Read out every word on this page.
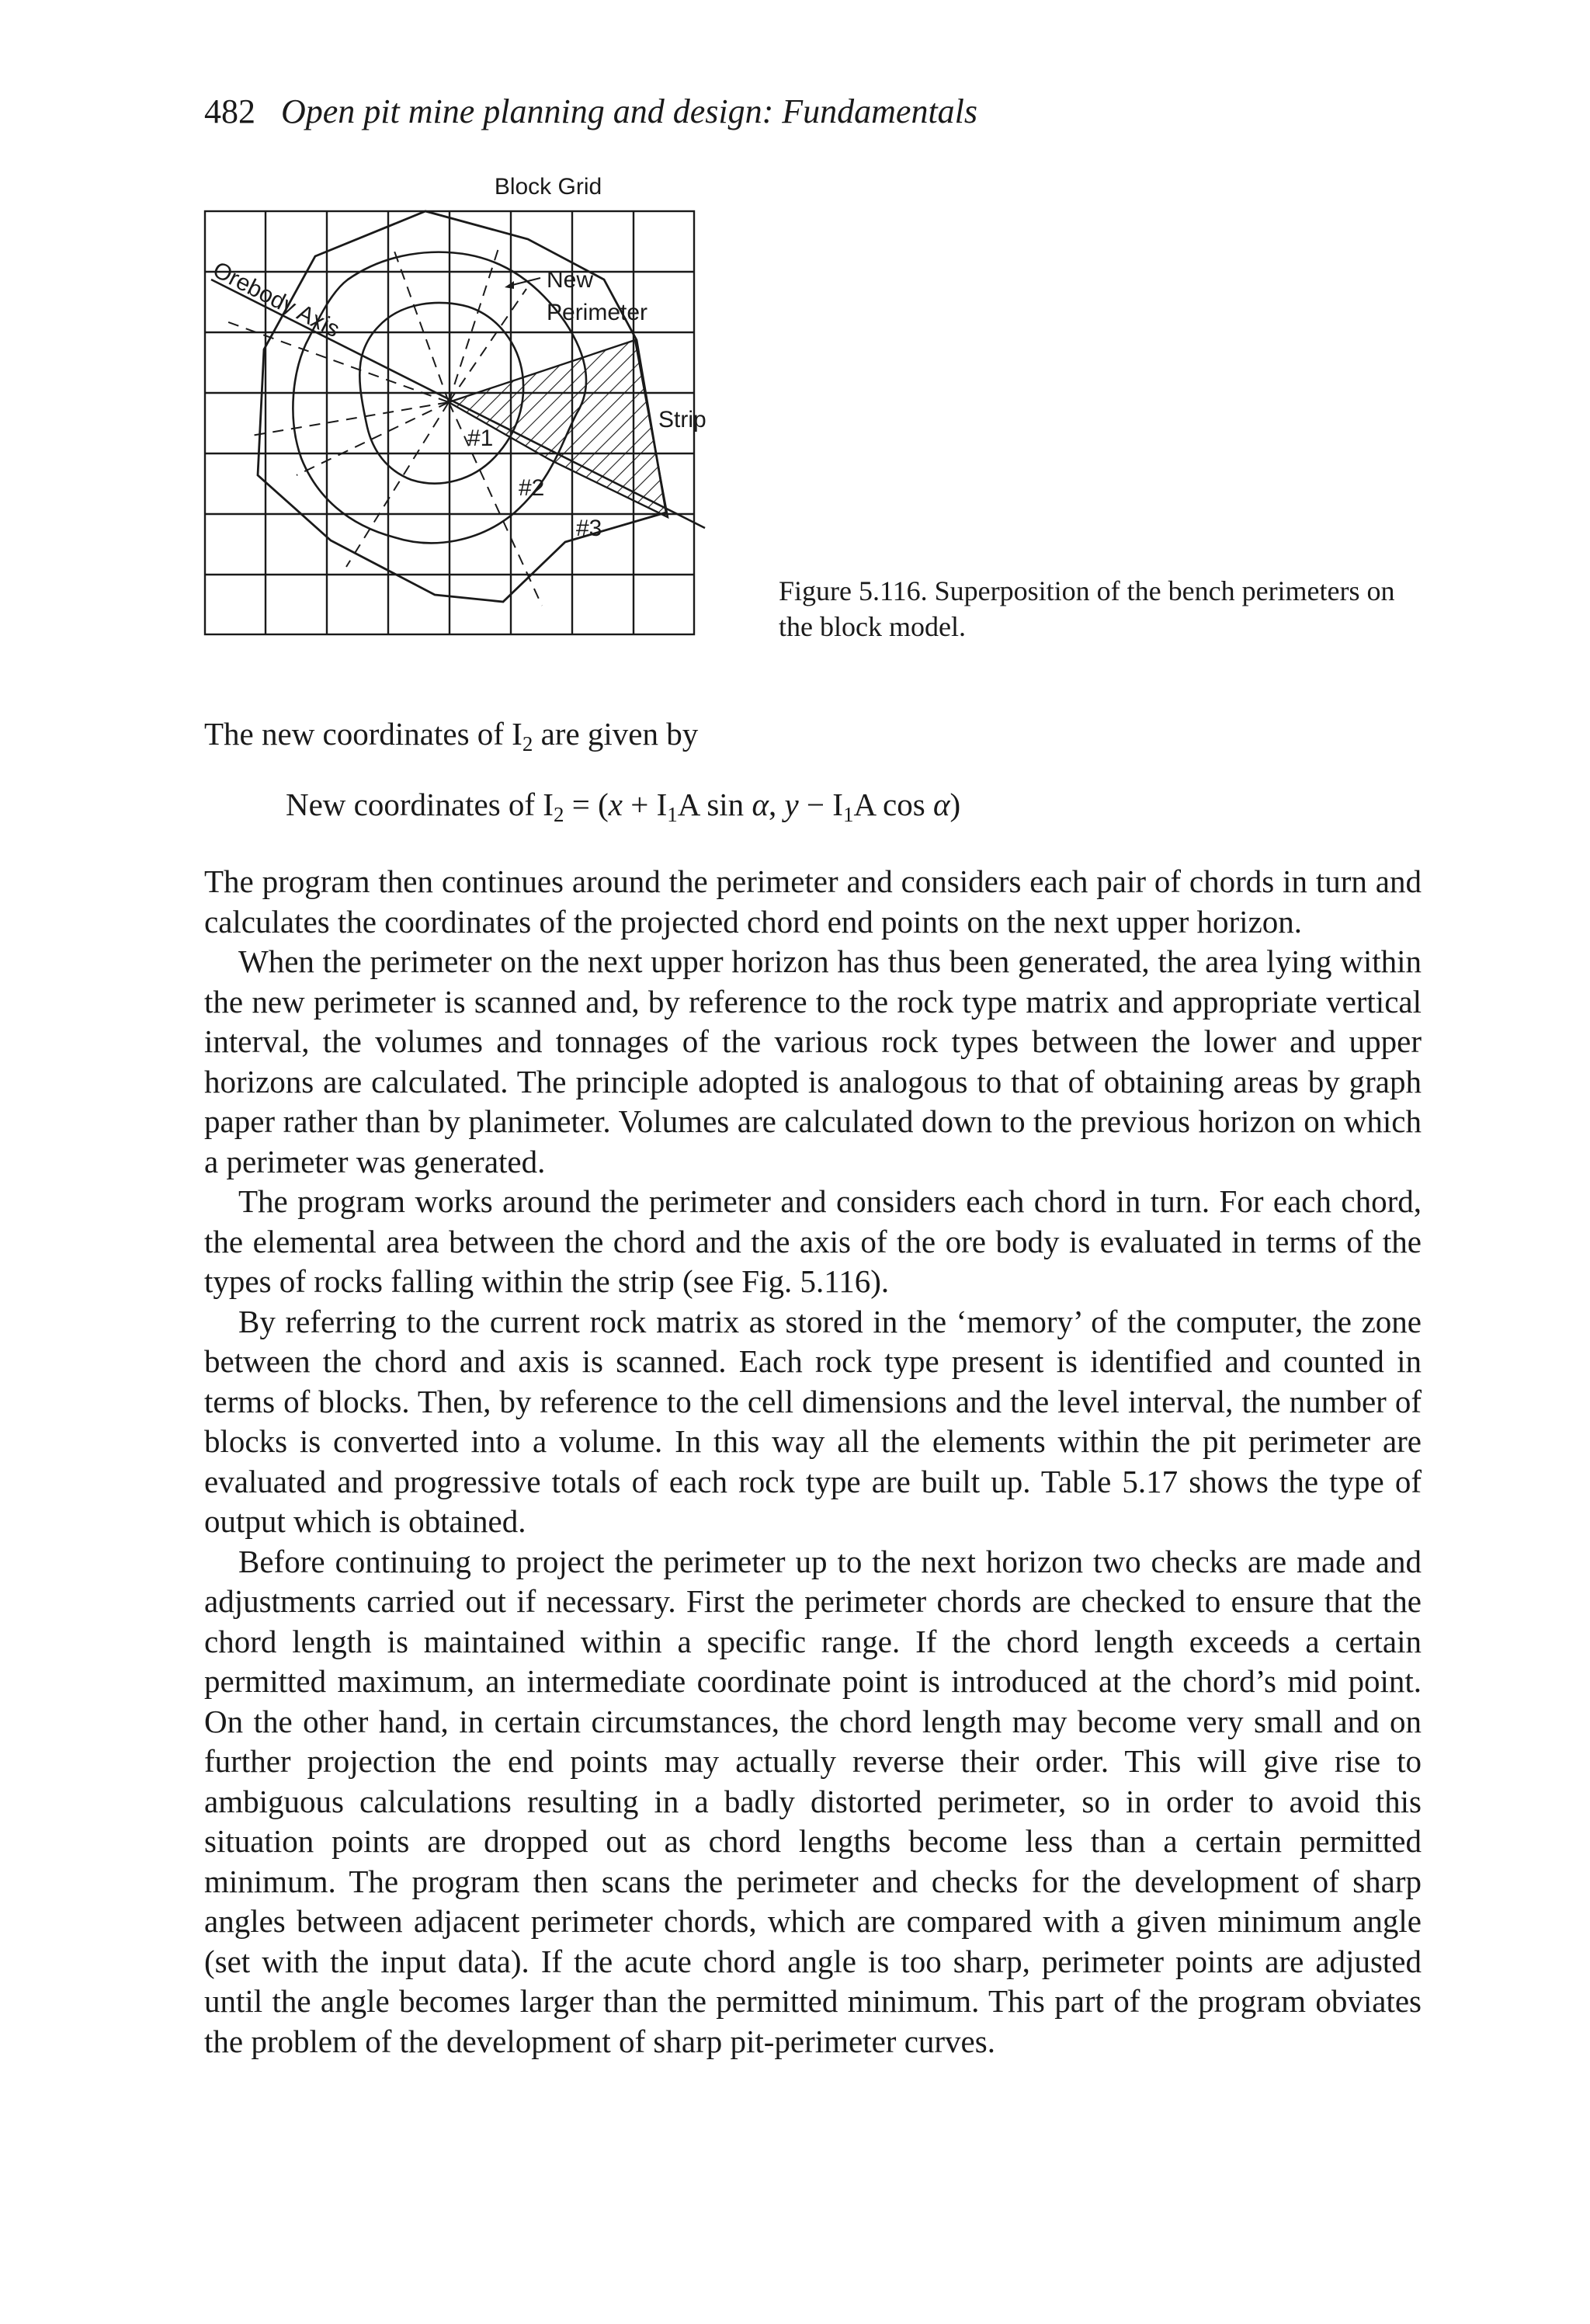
482 Open pit mine planning and design: Fundamentals
Block Grid
Orebody Axis	New
Perimeter
Strip
#1
#2
#3
Figure 5.116. Superposition of the bench perimeters on the block model.
The new coordinates of $I_2$ are given by
New coordinates of $I_2 = (x + I_1A$ sin α, $y - I_1A$ cos α)

The program then continues around the perimeter and considers each pair of chords in turn and calculates the coordinates of the projected chord end points on the next upper horizon.

When the perimeter on the next upper horizon has thus been generated, the area lying within the new perimeter is scanned and, by reference to the rock type matrix and appropriate vertical interval, the volumes and tonnages of the various rock types between the lower and upper horizons are calculated. The principle adopted is analogous to that of obtaining areas by graph paper rather than by planimeter. Volumes are calculated down to the previous horizon on which a perimeter was generated.

The program works around the perimeter and considers each chord in turn. For each chord, the elemental area between the chord and the axis of the ore body is evaluated in terms of the types of rocks falling within the strip (see Fig. 5.116).

By referring to the current rock matrix as stored in the ‘memory’ of the computer, the zone between the chord and axis is scanned. Each rock type present is identified and counted in terms of blocks. Then, by reference to the cell dimensions and the level interval, the number of blocks is converted into a volume. In this way all the elements within the pit perimeter are evaluated and progressive totals of each rock type are built up. Table 5.17 shows the type of output which is obtained.

Before continuing to project the perimeter up to the next horizon two checks are made and adjustments carried out if necessary. First the perimeter chords are checked to ensure that the chord length is maintained within a specific range. If the chord length exceeds a certain permitted maximum, an intermediate coordinate point is introduced at the chord’s mid point. On the other hand, in certain circumstances, the chord length may become very small and on further projection the end points may actually reverse their order. This will give rise to ambiguous calculations resulting in a badly distorted perimeter, so in order to avoid this situation points are dropped out as chord lengths become less than a certain permitted minimum. The program then scans the perimeter and checks for the development of sharp angles between adjacent perimeter chords, which are compared with a given minimum angle (set with the input data). If the acute chord angle is too sharp, perimeter points are adjusted until the angle becomes larger than the permitted minimum. This part of the program obviates the problem of the development of sharp pit-perimeter curves.
